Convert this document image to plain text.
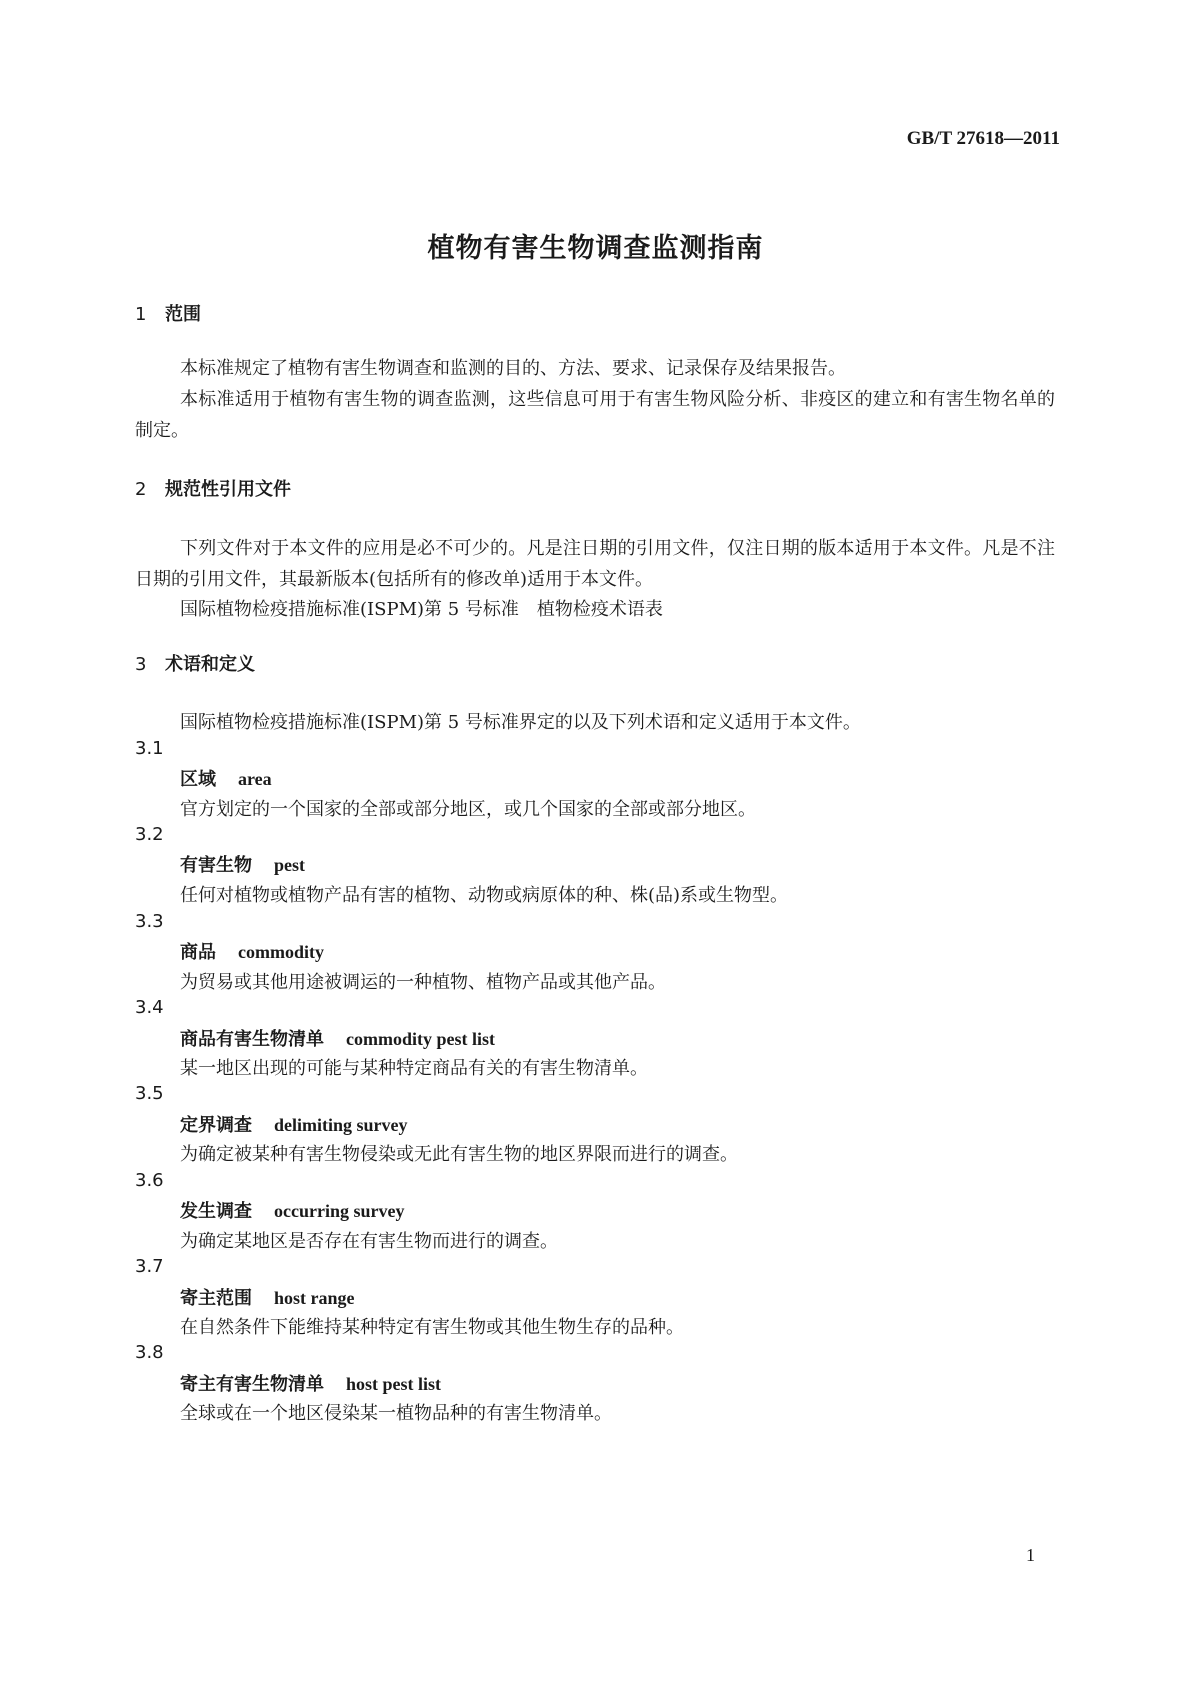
GB/T 27618—2011
植物有害生物调查监测指南
1 范围
本标准规定了植物有害生物调查和监测的目的、方法、要求、记录保存及结果报告。
本标准适用于植物有害生物的调查监测，这些信息可用于有害生物风险分析、非疫区的建立和有害生物名单的制定。
2 规范性引用文件
下列文件对于本文件的应用是必不可少的。凡是注日期的引用文件，仅注日期的版本适用于本文件。凡是不注日期的引用文件，其最新版本(包括所有的修改单)适用于本文件。
国际植物检疫措施标准(ISPM)第 5 号标准　植物检疫术语表
3 术语和定义
国际植物检疫措施标准(ISPM)第 5 号标准界定的以及下列术语和定义适用于本文件。
3.1
区域 area
官方划定的一个国家的全部或部分地区，或几个国家的全部或部分地区。
3.2
有害生物 pest
任何对植物或植物产品有害的植物、动物或病原体的种、株(品)系或生物型。
3.3
商品 commodity
为贸易或其他用途被调运的一种植物、植物产品或其他产品。
3.4
商品有害生物清单 commodity pest list
某一地区出现的可能与某种特定商品有关的有害生物清单。
3.5
定界调查 delimiting survey
为确定被某种有害生物侵染或无此有害生物的地区界限而进行的调查。
3.6
发生调查 occurring survey
为确定某地区是否存在有害生物而进行的调查。
3.7
寄主范围 host range
在自然条件下能维持某种特定有害生物或其他生物生存的品种。
3.8
寄主有害生物清单 host pest list
全球或在一个地区侵染某一植物品种的有害生物清单。
1
